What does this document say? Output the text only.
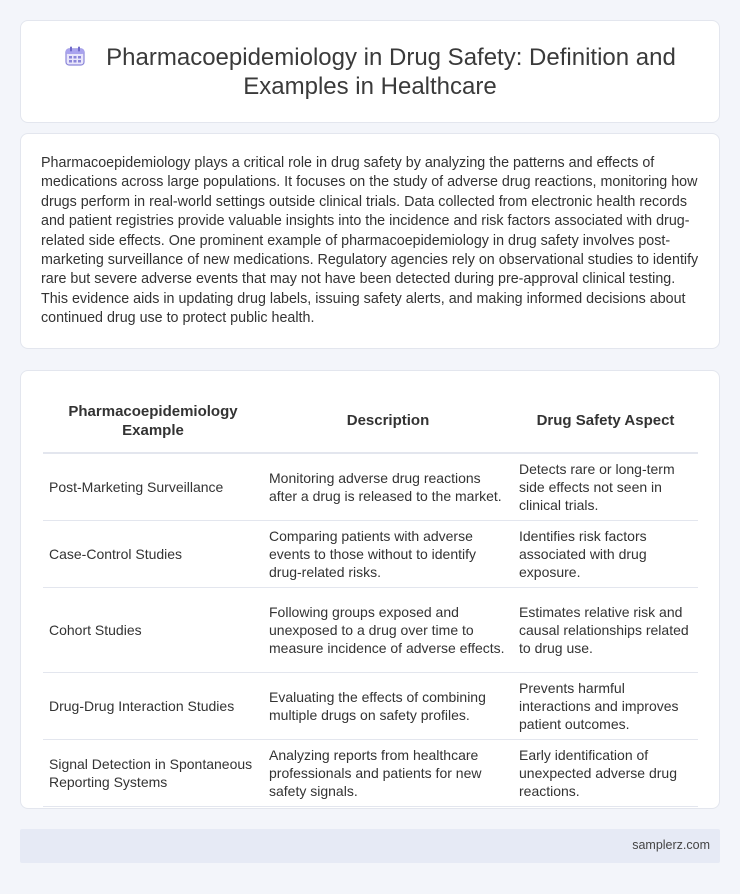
Pharmacoepidemiology in Drug Safety: Definition and Examples in Healthcare

Pharmacoepidemiology plays a critical role in drug safety by analyzing the patterns and effects of medications across large populations. It focuses on the study of adverse drug reactions, monitoring how drugs perform in real-world settings outside clinical trials. Data collected from electronic health records and patient registries provide valuable insights into the incidence and risk factors associated with drug-related side effects. One prominent example of pharmacoepidemiology in drug safety involves post-marketing surveillance of new medications. Regulatory agencies rely on observational studies to identify rare but severe adverse events that may not have been detected during pre-approval clinical testing. This evidence aids in updating drug labels, issuing safety alerts, and making informed decisions about continued drug use to protect public health.

Pharmacoepidemiology Example	Description	Drug Safety Aspect
Post-Marketing Surveillance	Monitoring adverse drug reactions after a drug is released to the market.	Detects rare or long-term side effects not seen in clinical trials.
Case-Control Studies	Comparing patients with adverse events to those without to identify drug-related risks.	Identifies risk factors associated with drug exposure.
Cohort Studies	Following groups exposed and unexposed to a drug over time to measure incidence of adverse effects.	Estimates relative risk and causal relationships related to drug use.
Drug-Drug Interaction Studies	Evaluating the effects of combining multiple drugs on safety profiles.	Prevents harmful interactions and improves patient outcomes.
Signal Detection in Spontaneous Reporting Systems	Analyzing reports from healthcare professionals and patients for new safety signals.	Early identification of unexpected adverse drug reactions.
samplerz.com
